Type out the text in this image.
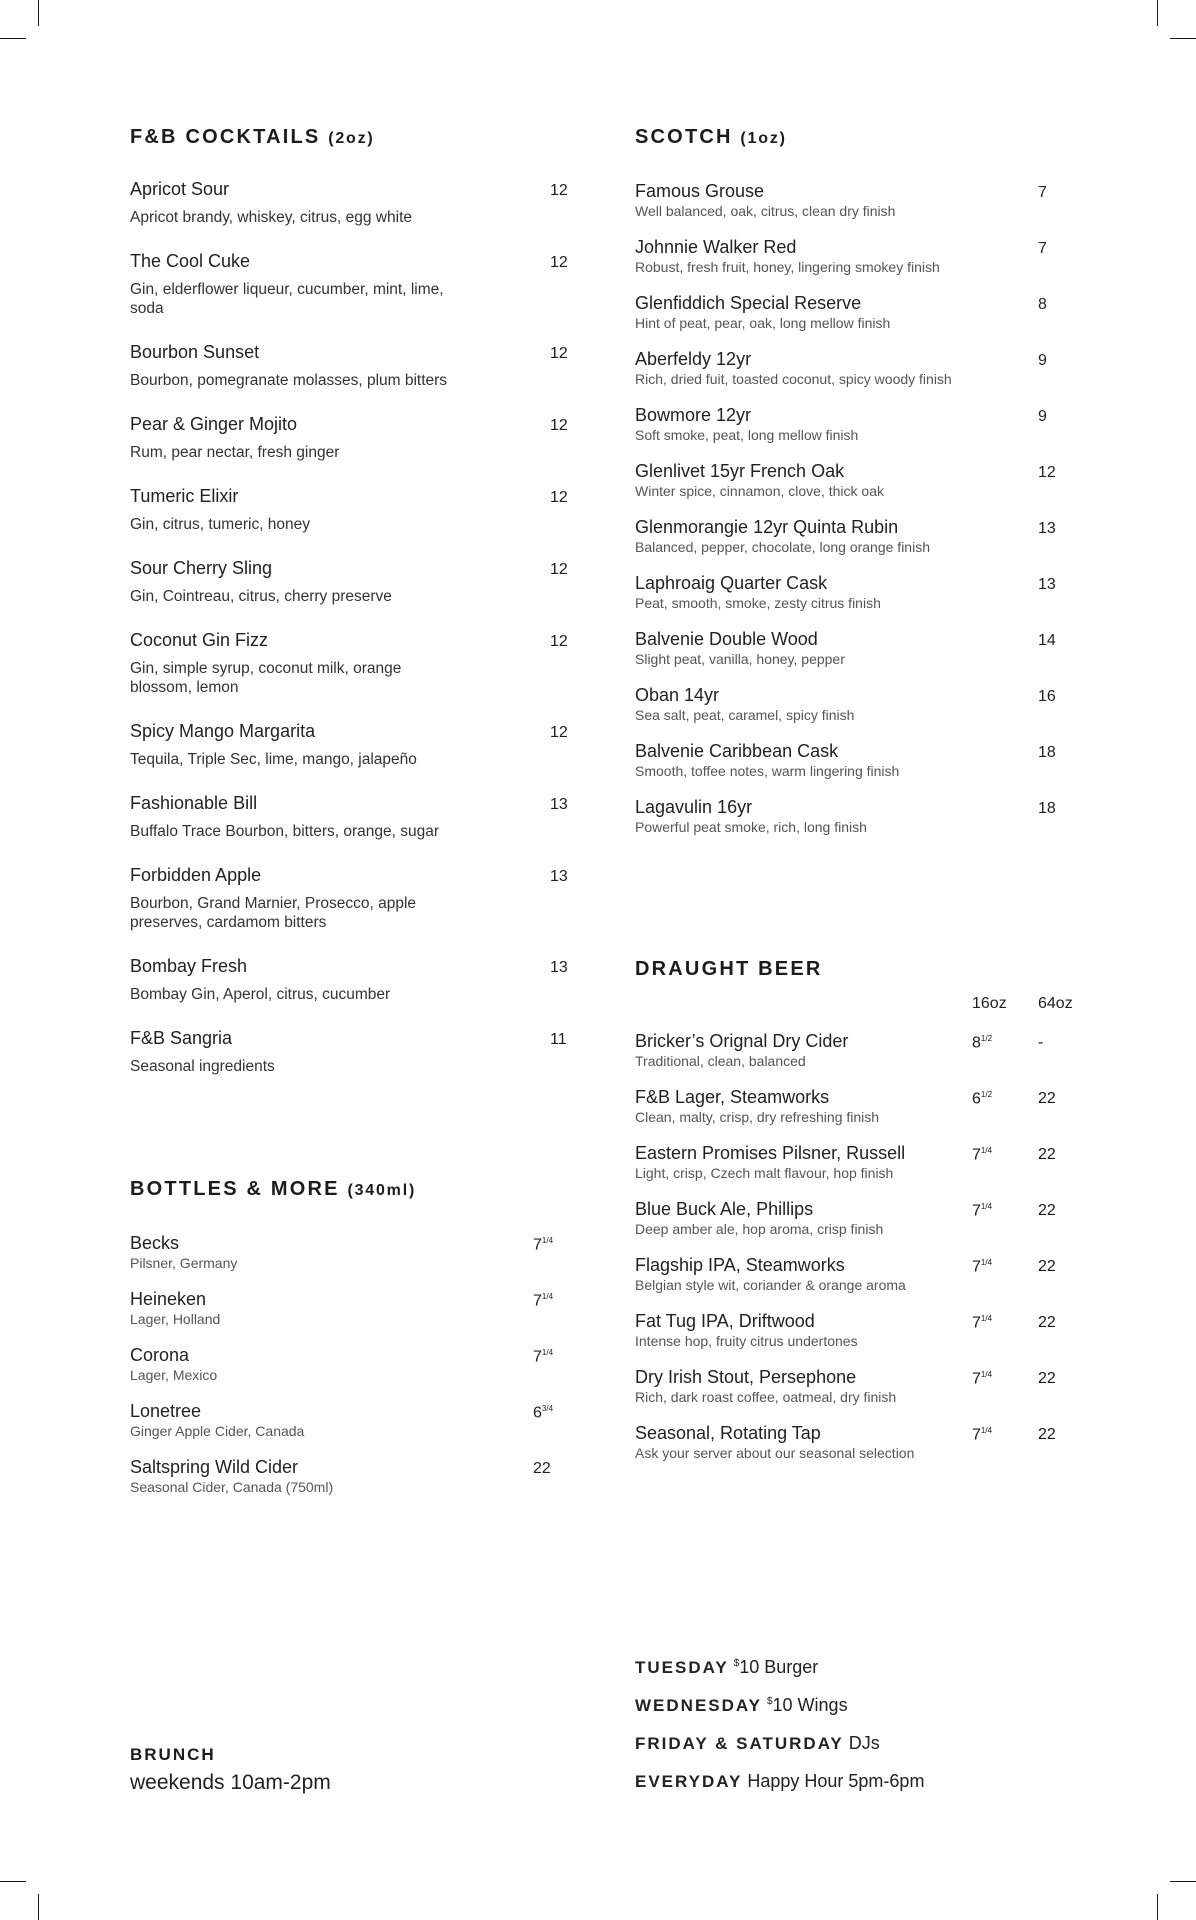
F&B COCKTAILS (2oz)
Apricot Sour	12
Apricot brandy, whiskey, citrus, egg white
The Cool Cuke	12
Gin, elderflower liqueur, cucumber, mint, lime, soda
Bourbon Sunset	12
Bourbon, pomegranate molasses, plum bitters
Pear & Ginger Mojito	12
Rum, pear nectar, fresh ginger
Tumeric Elixir	12
Gin, citrus, tumeric, honey
Sour Cherry Sling	12
Gin, Cointreau, citrus, cherry preserve
Coconut Gin Fizz	12
Gin, simple syrup, coconut milk, orange blossom, lemon
Spicy Mango Margarita	12
Tequila, Triple Sec, lime, mango, jalapeño
Fashionable Bill	13
Buffalo Trace Bourbon, bitters, orange, sugar
Forbidden Apple	13
Bourbon, Grand Marnier, Prosecco, apple preserves, cardamom bitters
Bombay Fresh	13
Bombay Gin, Aperol, citrus, cucumber
F&B Sangria	11
Seasonal ingredients
BOTTLES & MORE (340ml)
Becks	$7^{1/4}$
Pilsner, Germany
Heineken	$7^{1/4}$
Lager, Holland
Corona	$7^{1/4}$
Lager, Mexico
Lonetree	$6^{3/4}$
Ginger Apple Cider, Canada
Saltspring Wild Cider	22
Seasonal Cider, Canada (750ml)
SCOTCH (1oz)
Famous Grouse	7
Well balanced, oak, citrus, clean dry finish
Johnnie Walker Red	7
Robust, fresh fruit, honey, lingering smokey finish
Glenfiddich Special Reserve	8
Hint of peat, pear, oak, long mellow finish
Aberfeldy 12yr	9
Rich, dried fuit, toasted coconut, spicy woody finish
Bowmore 12yr	9
Soft smoke, peat, long mellow finish
Glenlivet 15yr French Oak	12
Winter spice, cinnamon, clove, thick oak
Glenmorangie 12yr Quinta Rubin	13
Balanced, pepper, chocolate, long orange finish
Laphroaig Quarter Cask	13
Peat, smooth, smoke, zesty citrus finish
Balvenie Double Wood	14
Slight peat, vanilla, honey, pepper
Oban 14yr	16
Sea salt, peat, caramel, spicy finish
Balvenie Caribbean Cask	18
Smooth, toffee notes, warm lingering finish
Lagavulin 16yr	18
Powerful peat smoke, rich, long finish
DRAUGHT BEER
16oz 64oz
Bricker’s Orignal Dry Cider	$8^{1/2}$	-
Traditional, clean, balanced
F&B Lager, Steamworks	$6^{1/2}$	22
Clean, malty, crisp, dry refreshing finish
Eastern Promises Pilsner, Russell	$7^{1/4}$	22
Light, crisp, Czech malt flavour, hop finish
Blue Buck Ale, Phillips	$7^{1/4}$	22
Deep amber ale, hop aroma, crisp finish
Flagship IPA, Steamworks	$7^{1/4}$	22
Belgian style wit, coriander & orange aroma
Fat Tug IPA, Driftwood	$7^{1/4}$	22
Intense hop, fruity citrus undertones
Dry Irish Stout, Persephone	$7^{1/4}$	22
Rich, dark roast coffee, oatmeal, dry finish
Seasonal, Rotating Tap	$7^{1/4}$	22
Ask your server about our seasonal selection
TUESDAY $10 Burger
WEDNESDAY $10 Wings
FRIDAY & SATURDAY DJs
EVERYDAY Happy Hour 5pm-6pm
BRUNCH
weekends 10am-2pm
